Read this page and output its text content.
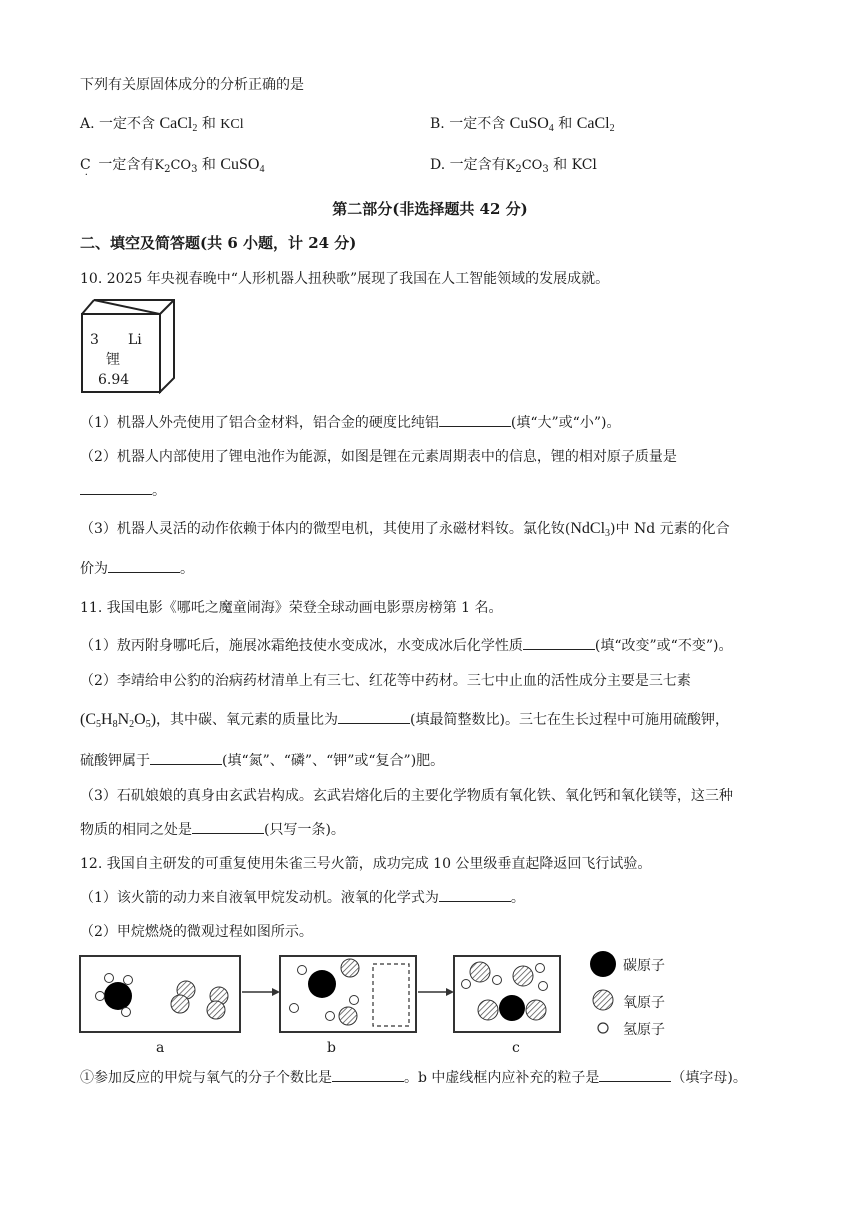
下列有关原固体成分的分析正确的是
A. 一定不含 CaCl$_2$ 和 KCl	B. 一定不含 CuSO$_4$ 和 CaCl$_2$
$C_\cdot$ 一定含有$K_2CO_3$ 和 CuSO$_4$	D. 一定含有$K_2CO_3$ 和 KCl
第二部分(非选择题共 42 分)
二、填空及简答题(共 6 小题，计 24 分)
10. 2025 年央视春晚中“人形机器人扭秧歌”展现了我国在人工智能领域的发展成就。
3 Li
锂
6.94
（1）机器人外壳使用了铝合金材料，铝合金的硬度比纯铝	(填“大”或“小”)。
（2）机器人内部使用了锂电池作为能源，如图是锂在元素周期表中的信息，锂的相对原子质量是
。
（3）机器人灵活的动作依赖于体内的微型电机，其使用了永磁材料钕。氯化钕(NdCl$_3$)中 Nd 元素的化合
价为	。
11. 我国电影《哪吒之魔童闹海》荣登全球动画电影票房榜第 1 名。
（1）敖丙附身哪吒后，施展冰霜绝技使水变成冰，水变成冰后化学性质	(填“改变”或“不变”)。
（2）李靖给申公豹的治病药材清单上有三七、红花等中药材。三七中止血的活性成分主要是三七素
$(C_5H_8N_2O_5)$，其中碳、氧元素的质量比为	(填最简整数比)。三七在生长过程中可施用硫酸钾，
硫酸钾属于	(填“氮”、“磷”、“钾”或“复合”)肥。
（3）石矶娘娘的真身由玄武岩构成。玄武岩熔化后的主要化学物质有氧化铁、氧化钙和氧化镁等，这三种
物质的相同之处是	(只写一条)。
12. 我国自主研发的可重复使用朱雀三号火箭，成功完成 10 公里级垂直起降返回飞行试验。
（1）该火箭的动力来自液氧甲烷发动机。液氧的化学式为	。
（2）甲烷燃烧的微观过程如图所示。
碳原子
氧原子
氢原子
a	b	c
①参加反应的甲烷与氧气的分子个数比是	。b 中虚线框内应补充的粒子是	（填字母)。
